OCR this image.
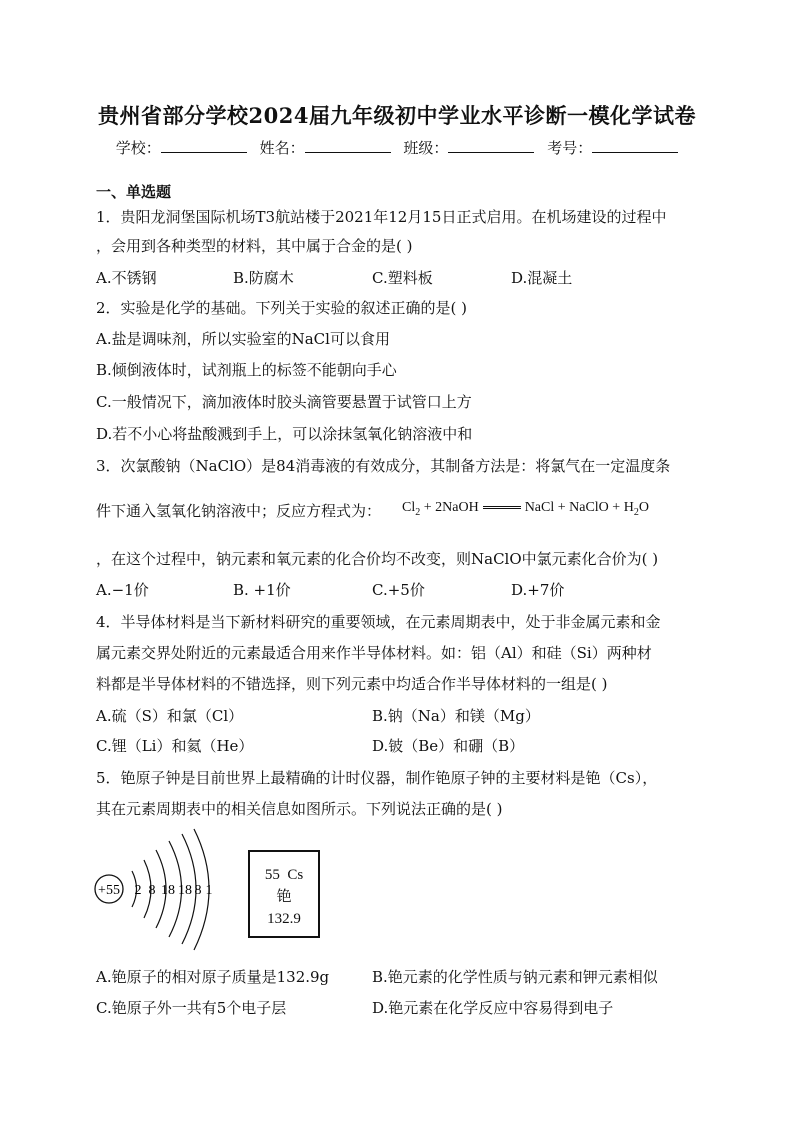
贵州省部分学校2024届九年级初中学业水平诊断一模化学试卷
学校：	姓名：	班级：	考号：
一、单选题
1．贵阳龙洞堡国际机场T3航站楼于2021年12月15日正式启用。在机场建设的过程中
，会用到各种类型的材料，其中属于合金的是( )
A.不锈钢	B.防腐木	C.塑料板	D.混凝土
2．实验是化学的基础。下列关于实验的叙述正确的是( )
A.盐是调味剂，所以实验室的NaCl可以食用
B.倾倒液体时，试剂瓶上的标签不能朝向手心
C.一般情况下，滴加液体时胶头滴管要悬置于试管口上方
D.若不小心将盐酸溅到手上，可以涂抹氢氧化钠溶液中和
3．次氯酸钠（NaClO）是84消毒液的有效成分，其制备方法是：将氯气在一定温度条
件下通入氢氧化钠溶液中；反应方程式为： $Cl_2$ + 2NaOH	NaCl + NaClO + $H_2O$
，在这个过程中，钠元素和氧元素的化合价均不改变，则NaClO中氯元素化合价为( )
A.−1价	B. +1价	C.+5价	D.+7价
4．半导体材料是当下新材料研究的重要领域，在元素周期表中，处于非金属元素和金
属元素交界处附近的元素最适合用来作半导体材料。如：铝（Al）和硅（Si）两种材
料都是半导体材料的不错选择，则下列元素中均适合作半导体材料的一组是( )
A.硫（S）和氯（Cl）	B.钠（Na）和镁（Mg）
C.锂（Li）和氦（He）	D.铍（Be）和硼（B）
5．铯原子钟是目前世界上最精确的计时仪器，制作铯原子钟的主要材料是铯（Cs），
其在元素周期表中的相关信息如图所示。下列说法正确的是( )
+55 2 8 18 18 8 1
55 Cs
铯
132.9
A.铯原子的相对原子质量是132.9g	B.铯元素的化学性质与钠元素和钾元素相似
C.铯原子外一共有5个电子层	D.铯元素在化学反应中容易得到电子
